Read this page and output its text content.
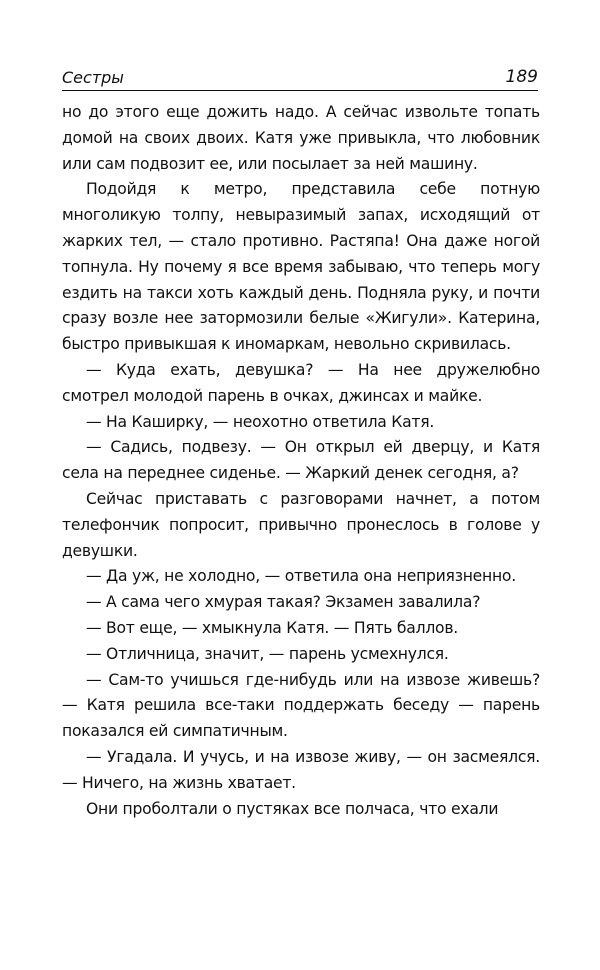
Сестры	189

но до этого еще дожить надо. А сейчас извольте топать домой на своих двоих. Катя уже привыкла, что любовник или сам подвозит ее, или посылает за ней машину.

Подойдя к метро, представила себе потную многоликую толпу, невыразимый запах, исходящий от жарких тел, — стало противно. Растяпа! Она даже ногой топнула. Ну почему я все время забываю, что теперь могу ездить на такси хоть каждый день. Подняла руку, и почти сразу возле нее затормозили белые «Жигули». Катерина, быстро привыкшая к иномаркам, невольно скривилась.

— Куда ехать, девушка? — На нее дружелюбно смотрел молодой парень в очках, джинсах и майке.

— На Каширку, — неохотно ответила Катя.

— Садись, подвезу. — Он открыл ей дверцу, и Катя села на переднее сиденье. — Жаркий денек сегодня, а?

Сейчас приставать с разговорами начнет, а потом телефончик попросит, привычно пронеслось в голове у девушки.

— Да уж, не холодно, — ответила она неприязненно.

— А сама чего хмурая такая? Экзамен завалила?

— Вот еще, — хмыкнула Катя. — Пять баллов.

— Отличница, значит, — парень усмехнулся.

— Сам-то учишься где-нибудь или на извозе живешь? — Катя решила все-таки поддержать беседу — парень показался ей симпатичным.

— Угадала. И учусь, и на извозе живу, — он засмеялся. — Ничего, на жизнь хватает.

Они проболтали о пустяках все полчаса, что ехали
